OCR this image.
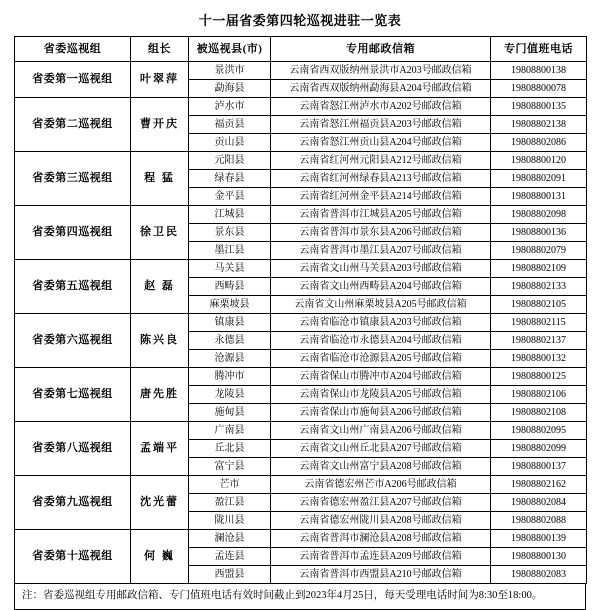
十一届省委第四轮巡视进驻一览表
省委巡视组	组长	被巡视县(市)	专用邮政信箱	专门值班电话
省委第一巡视组	叶翠萍	景洪市	云南省西双版纳州景洪市A203号邮政信箱	19808800138
		勐海县	云南省西双版纳州勐海县A204号邮政信箱	19808800078
省委第二巡视组	曹开庆	泸水市	云南省怒江州泸水市A202号邮政信箱	19808800135
		福贡县	云南省怒江州福贡县A203号邮政信箱	19808802138
		贡山县	云南省怒江州贡山县A204号邮政信箱	19808802086
省委第三巡视组	程 猛	元阳县	云南省红河州元阳县A212号邮政信箱	19808800120
		绿春县	云南省红河州绿春县A213号邮政信箱	19808802091
		金平县	云南省红河州金平县A214号邮政信箱	19808800131
省委第四巡视组	徐卫民	江城县	云南省普洱市江城县A205号邮政信箱	19808802098
		景东县	云南省普洱市景东县A206号邮政信箱	19808800136
		墨江县	云南省普洱市墨江县A207号邮政信箱	19808802079
省委第五巡视组	赵 磊	马关县	云南省文山州马关县A203号邮政信箱	19808802109
		西畴县	云南省文山州西畴县A204号邮政信箱	19808802133
		麻栗坡县	云南省文山州麻栗坡县A205号邮政信箱	19808802105
省委第六巡视组	陈兴良	镇康县	云南省临沧市镇康县A203号邮政信箱	19808802115
		永德县	云南省临沧市永德县A204号邮政信箱	19808802137
		沧源县	云南省临沧市沧源县A205号邮政信箱	19808800132
省委第七巡视组	唐先胜	腾冲市	云南省保山市腾冲市A204号邮政信箱	19808800125
		龙陵县	云南省保山市龙陵县A205号邮政信箱	19808802106
		施甸县	云南省保山市施甸县A206号邮政信箱	19808802108
省委第八巡视组	孟端平	广南县	云南省文山州广南县A206号邮政信箱	19808802095
		丘北县	云南省文山州丘北县A207号邮政信箱	19808802099
		富宁县	云南省文山州富宁县A208号邮政信箱	19808800137
省委第九巡视组	沈光蕾	芒市	云南省德宏州芒市A206号邮政信箱	19808802162
		盈江县	云南省德宏州盈江县A207号邮政信箱	19808802084
		陇川县	云南省德宏州陇川县A208号邮政信箱	19808802088
省委第十巡视组	何 巍	澜沧县	云南省普洱市澜沧县A208号邮政信箱	19808800139
		孟连县	云南省普洱市孟连县A209号邮政信箱	19808800130
		西盟县	云南省普洱市西盟县A210号邮政信箱	19808802083
注：省委巡视组专用邮政信箱、专门值班电话有效时间截止到2023年4月25日，每天受理电话时间为8:30至18:00。
